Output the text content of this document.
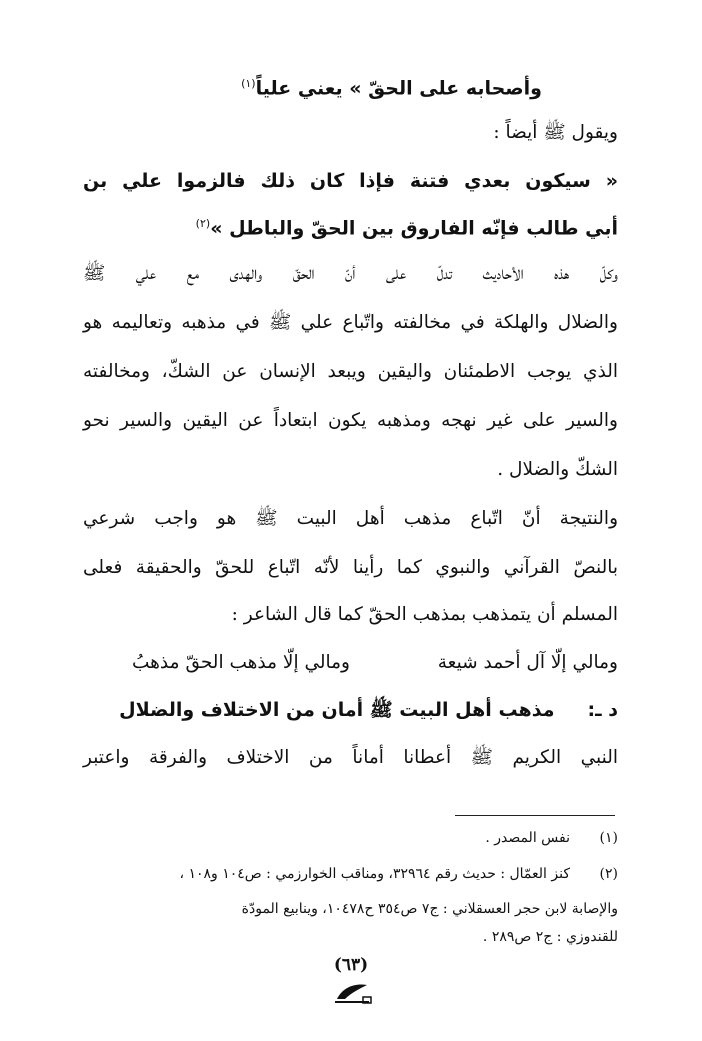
وأصحابه على الحقّ » يعني علياً$^{(١)}$
ويقول ﷺ أيضاً :
« سيكون بعدي فتنة فإذا كان ذلك فالزموا علي بن
أبي طالب فإنّه الفاروق بين الحقّ والباطل »$^{(٢)}$
وكلّ هذه الأحاديث تدلّ على أنّ الحقّ والهدى مع علي ﷺ
والضلال والهلكة في مخالفته واتّباع علي ﷺ في مذهبه وتعاليمه هو
الذي يوجب الاطمئنان واليقين ويبعد الإنسان عن الشكّ، ومخالفته
والسير على غير نهجه ومذهبه يكون ابتعاداً عن اليقين والسير نحو
الشكّ والضلال .
والنتيجة أنّ اتّباع مذهب أهل البيت ﷺ هو واجب شرعي
بالنصّ القرآني والنبوي كما رأينا لأنّه اتّباع للحقّ والحقيقة فعلى
المسلم أن يتمذهب بمذهب الحقّ كما قال الشاعر :
ومالي إلّا آل أحمد شيعة
ومالي إلّا مذهب الحقّ مذهبُ
د ـ:     مذهب أهل البيت ﷺ أمان من الاختلاف والضلال
النبي الكريم ﷺ أعطانا أماناً من الاختلاف والفرقة واعتبر
(١)
نفس المصدر .
(٢)
كنز العمّال : حديث رقم ٣٢٩٦٤، ومناقب الخوارزمي : ص١٠٤ و١٠٨ ،
والإصابة لابن حجر العسقلاني : ج٧ ص٣٥٤ ح١٠٤٧٨، وينابيع المودّة
للقندوزي : ج٢ ص٢٨٩ .
(٦٣)
